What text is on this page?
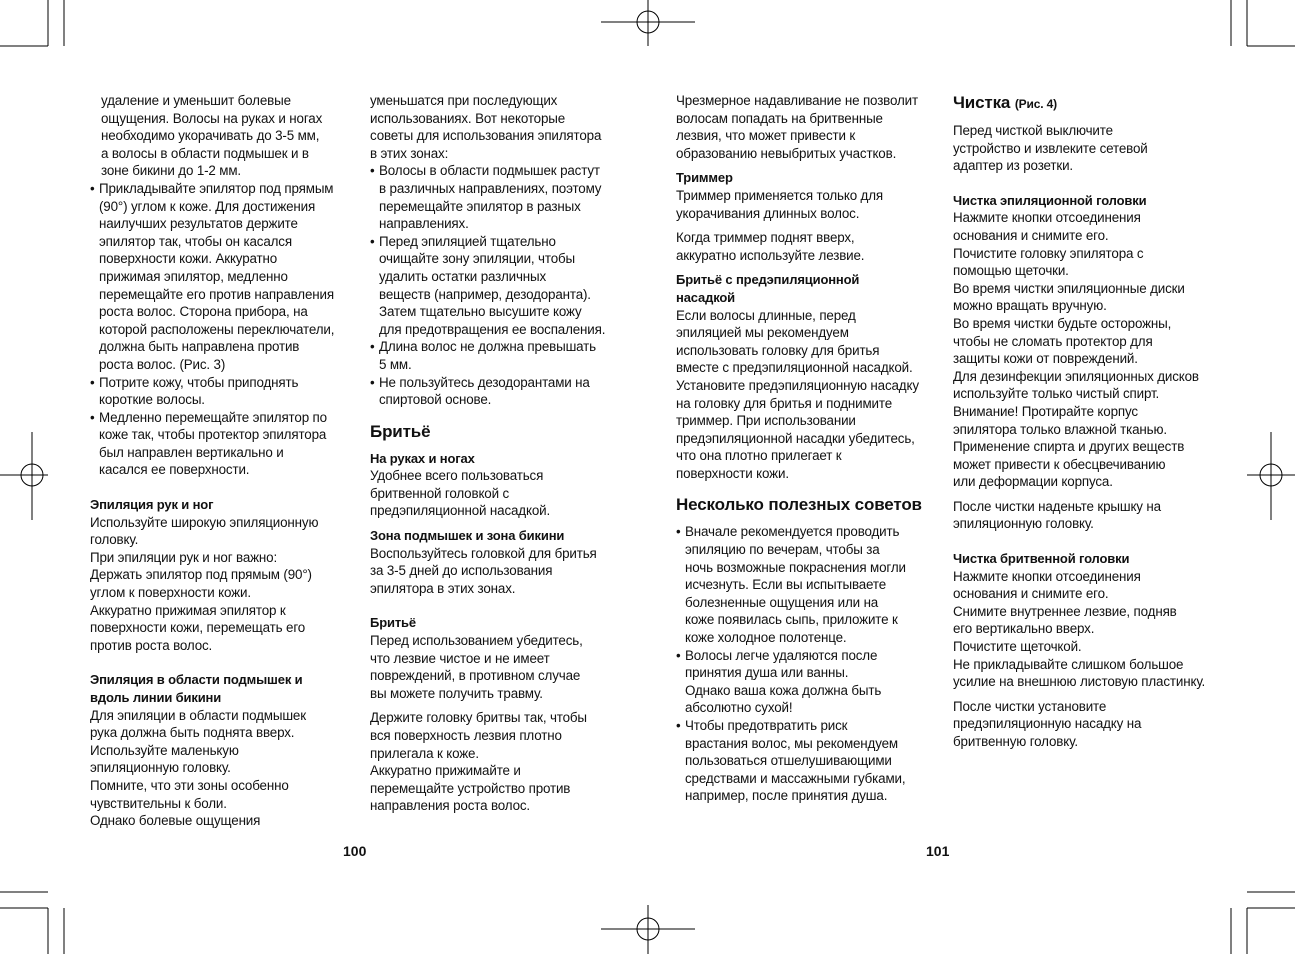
удаление и уменьшит болевые

ощущения. Волосы на руках и ногах

необходимо укорачивать до 3-5 мм,

а волосы в области подмышек и в

зоне бикини до 1-2 мм.

• Прикладывайте эпилятор под прямым

(90°) углом к коже. Для достижения

наилучших результатов держите

эпилятор так, чтобы он касался

поверхности кожи. Аккуратно

прижимая эпилятор, медленно

перемещайте его против направления

роста волос. Сторона прибора, на

которой расположены переключатели,

должна быть направлена против

роста волос. (Рис. 3)

• Потрите кожу, чтобы приподнять

короткие волосы.

• Медленно перемещайте эпилятор по

коже так, чтобы протектор эпилятора

был направлен вертикально и

касался ее поверхности.

Эпиляция рук и ног

Используйте широкую эпиляционную

головку.

При эпиляции рук и ног важно:

Держать эпилятор под прямым (90°)

углом к поверхности кожи.

Аккуратно прижимая эпилятор к

поверхности кожи, перемещать его

против роста волос.

Эпиляция в области подмышек и

вдоль линии бикини

Для эпиляции в области подмышек

рука должна быть поднята вверх.

Используйте маленькую

эпиляционную головку.

Помните, что эти зоны особенно

чувствительны к боли.

Однако болевые ощущения

уменьшатся при последующих

использованиях. Вот некоторые

советы для использования эпилятора

в этих зонах:

• Волосы в области подмышек растут

в различных направлениях, поэтому

перемещайте эпилятор в разных

направлениях.

• Перед эпиляцией тщательно

очищайте зону эпиляции, чтобы

удалить остатки различных

веществ (например, дезодоранта).

Затем тщательно высушите кожу

для предотвращения ее воспаления.

• Длина волос не должна превышать

5 мм.

• Не пользуйтесь дезодорантами на

спиртовой основе.

Бритьё

На руках и ногах

Удобнее всего пользоваться

бритвенной головкой с

предэпиляционной насадкой.

Зона подмышек и зона бикини

Воспользуйтесь головкой для бритья

за 3-5 дней до использования

эпилятора в этих зонах.

Бритьё

Перед использованием убедитесь,

что лезвие чистое и не имеет

повреждений, в противном случае

вы можете получить травму.

Держите головку бритвы так, чтобы

вся поверхность лезвия плотно

прилегала к коже.

Аккуратно прижимайте и

перемещайте устройство против

направления роста волос.

Чрезмерное надавливание не позволит

волосам попадать на бритвенные

лезвия, что может привести к

образованию невыбритых участков.

Триммер

Триммер применяется только для

укорачивания длинных волос.

Когда триммер поднят вверх,

аккуратно используйте лезвие.

Бритьё с предэпиляционной

насадкой

Если волосы длинные, перед

эпиляцией мы рекомендуем

использовать головку для бритья

вместе с предэпиляционной насадкой.

Установите предэпиляционную насадку

на головку для бритья и поднимите

триммер. При использовании

предэпиляционной насадки убедитесь,

что она плотно прилегает к

поверхности кожи.

Несколько полезных советов

• Вначале рекомендуется проводить

эпиляцию по вечерам, чтобы за

ночь возможные покраснения могли

исчезнуть. Если вы испытываете

болезненные ощущения или на

коже появилась сыпь, приложите к

коже холодное полотенце.

• Волосы легче удаляются после

принятия душа или ванны.

Однако ваша кожа должна быть

абсолютно сухой!

• Чтобы предотвратить риск

врастания волос, мы рекомендуем

пользоваться отшелушивающими

средствами и массажными губками,

например, после принятия душа.

Чистка (Рис. 4)

Перед чисткой выключите

устройство и извлеките сетевой

адаптер из розетки.

Чистка эпиляционной головки

Нажмите кнопки отсоединения

основания и снимите его.

Почистите головку эпилятора с

помощью щеточки.

Во время чистки эпиляционные диски

можно вращать вручную.

Во время чистки будьте осторожны,

чтобы не сломать протектор для

защиты кожи от повреждений.

Для дезинфекции эпиляционных дисков

используйте только чистый спирт.

Внимание! Протирайте корпус

эпилятора только влажной тканью.

Применение спирта и других веществ

может привести к обесцвечиванию

или деформации корпуса.

После чистки наденьте крышку на

эпиляционную головку.

Чистка бритвенной головки

Нажмите кнопки отсоединения

основания и снимите его.

Снимите внутреннее лезвие, подняв

его вертикально вверх.

Почистите щеточкой.

Не прикладывайте слишком большое

усилие на внешнюю листовую пластинку.

После чистки установите

предэпиляционную насадку на

бритвенную головку.

100	101
